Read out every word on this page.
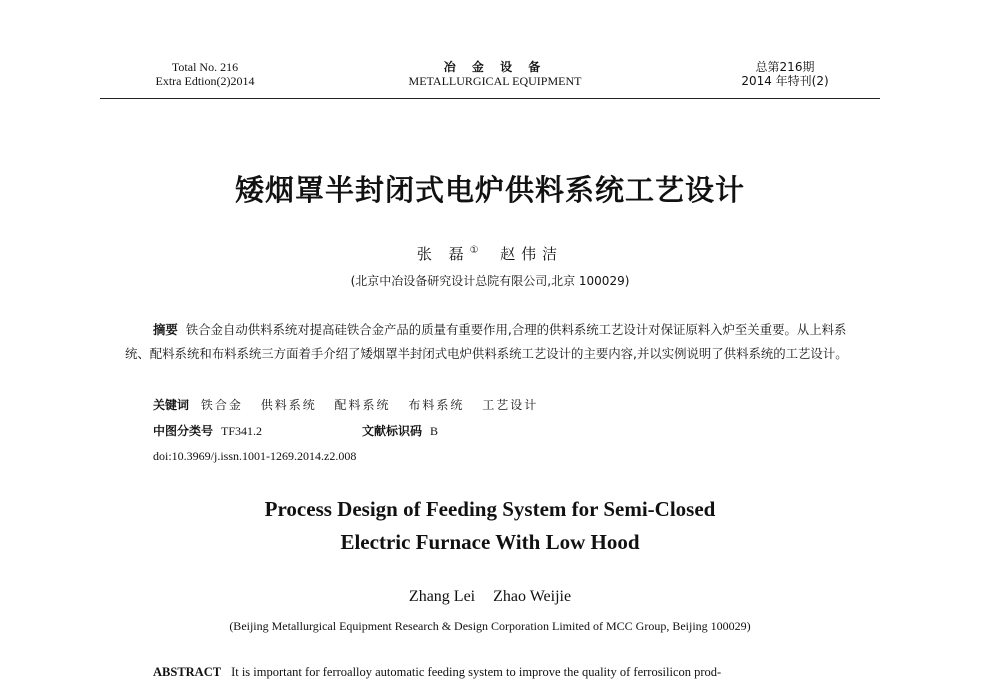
Total No. 216
Extra Edtion(2)2014
冶 金 设 备
METALLURGICAL EQUIPMENT
总第216期
2014 年特刊(2)
矮烟罩半封闭式电炉供料系统工艺设计
张 磊① 赵伟洁
(北京中冶设备研究设计总院有限公司,北京 100029)
摘要 铁合金自动供料系统对提高硅铁合金产品的质量有重要作用,合理的供料系统工艺设计对保证原料入炉至关重要。从上料系统、配料系统和布料系统三方面着手介绍了矮烟罩半封闭式电炉供料系统工艺设计的主要内容,并以实例说明了供料系统的工艺设计。
关键词 铁合金 供料系统 配料系统 布料系统 工艺设计
中图分类号 TF341.2	文献标识码 B
doi:10.3969/j.issn.1001-1269.2014.z2.008
Process Design of Feeding System for Semi-Closed
Electric Furnace With Low Hood
Zhang Lei Zhao Weijie
(Beijing Metallurgical Equipment Research & Design Corporation Limited of MCC Group, Beijing 100029)
ABSTRACT It is important for ferroalloy automatic feeding system to improve the quality of ferrosilicon prod-
